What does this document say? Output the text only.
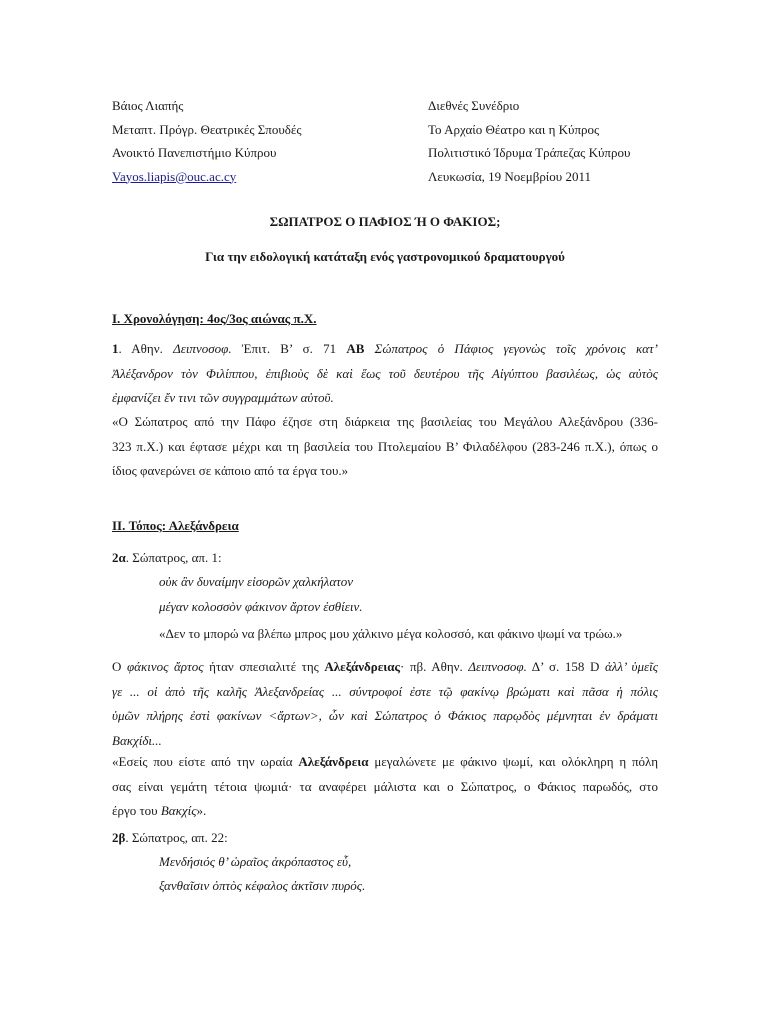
Βάιος Λιαπής
Μεταπτ. Πρόγρ. Θεατρικές Σπουδές
Ανοικτό Πανεπιστήμιο Κύπρου
Vayos.liapis@ouc.ac.cy
Διεθνές Συνέδριο
Το Αρχαίο Θέατρο και η Κύπρος
Πολιτιστικό Ίδρυμα Τράπεζας Κύπρου
Λευκωσία, 19 Νοεμβρίου 2011
ΣΩΠΑΤΡΟΣ Ο ΠΑΦΙΟΣ Ή Ο ΦΑΚΙΟΣ;
Για την ειδολογική κατάταξη ενός γαστρονομικού δραματουργού
I. Χρονολόγηση: 4ος/3ος αιώνας π.Χ.
1. Αθην. Δειπνοσοφ. Ἐπιτ. Β’ σ. 71 AB Σώπατρος ὁ Πάφιος γεγονὼς τοῖς χρόνοις κατ’
Ἀλέξανδρον τὸν Φιλίππου, ἐπιβιοὺς δὲ καὶ ἕως τοῦ δευτέρου τῆς Αἰγύπτου βασιλέως, ὡς αὐτὸς
ἐμφανίζει ἔν τινι τῶν συγγραμμάτων αὐτοῦ.
«Ο Σώπατρος από την Πάφο έζησε στη διάρκεια της βασιλείας του Μεγάλου Αλεξάνδρου (336-
323 π.Χ.) και έφτασε μέχρι και τη βασιλεία του Πτολεμαίου Β’ Φιλαδέλφου (283-246 π.Χ.), όπως ο
ίδιος φανερώνει σε κάποιο από τα έργα του.»
II. Τόπος: Αλεξάνδρεια
2α. Σώπατρος, απ. 1:
οὐκ ἂν δυναίμην εἰσορῶν χαλκήλατον
μέγαν κολοσσὸν φάκινον ἄρτον ἐσθίειν.
«Δεν το μπορώ να βλέπω μπρος μου χάλκινο μέγα κολοσσό, και φάκινο ψωμί να τρώω.»
Ο φάκινος ἄρτος ήταν σπεσιαλιτέ της Αλεξάνδρειας· πβ. Αθην. Δειπνοσοφ. Δ’ σ. 158 D ἀλλ’ ὑμεῖς
γε ... οἱ ἀπὸ τῆς καλῆς Ἀλεξανδρείας ... σύντροφοί ἐστε τῷ φακίνῳ βρώματι καὶ πᾶσα ἡ πόλις
ὑμῶν πλήρης ἐστὶ φακίνων <ἄρτων>, ὧν καὶ Σώπατρος ὁ Φάκιος παρῳδὸς μέμνηται ἐν δράματι
Βακχίδι...
«Εσείς που είστε από την ωραία Αλεξάνδρεια μεγαλώνετε με φάκινο ψωμί, και ολόκληρη η πόλη
σας είναι γεμάτη τέτοια ψωμιά· τα αναφέρει μάλιστα και ο Σώπατρος, ο Φάκιος παρωδός, στο
έργο του Βακχίς».
2β. Σώπατρος, απ. 22:
Μενδήσιός θ’ ὡραῖος ἀκρόπαστος εὖ,
ξανθαῖσιν ὀπτὸς κέφαλος ἀκτῖσιν πυρός.
